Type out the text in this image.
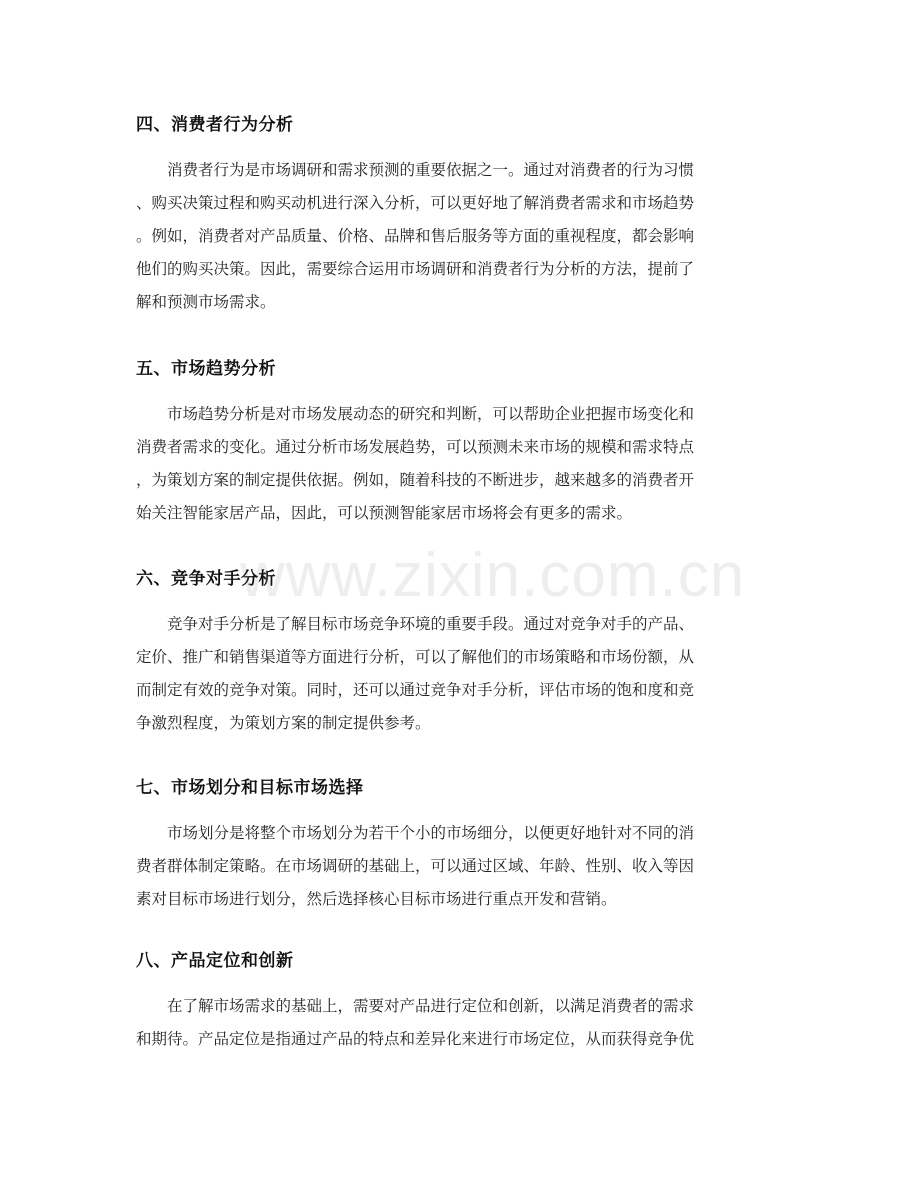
四、消费者行为分析
　　消费者行为是市场调研和需求预测的重要依据之一。通过对消费者的行为习惯
、购买决策过程和购买动机进行深入分析，可以更好地了解消费者需求和市场趋势
。例如，消费者对产品质量、价格、品牌和售后服务等方面的重视程度，都会影响
他们的购买决策。因此，需要综合运用市场调研和消费者行为分析的方法，提前了
解和预测市场需求。
五、市场趋势分析
　　市场趋势分析是对市场发展动态的研究和判断，可以帮助企业把握市场变化和
消费者需求的变化。通过分析市场发展趋势，可以预测未来市场的规模和需求特点
，为策划方案的制定提供依据。例如，随着科技的不断进步，越来越多的消费者开
始关注智能家居产品，因此，可以预测智能家居市场将会有更多的需求。
六、竞争对手分析
　　竞争对手分析是了解目标市场竞争环境的重要手段。通过对竞争对手的产品、
定价、推广和销售渠道等方面进行分析，可以了解他们的市场策略和市场份额，从
而制定有效的竞争对策。同时，还可以通过竞争对手分析，评估市场的饱和度和竞
争激烈程度，为策划方案的制定提供参考。
七、市场划分和目标市场选择
　　市场划分是将整个市场划分为若干个小的市场细分，以便更好地针对不同的消
费者群体制定策略。在市场调研的基础上，可以通过区域、年龄、性别、收入等因
素对目标市场进行划分，然后选择核心目标市场进行重点开发和营销。
八、产品定位和创新
　　在了解市场需求的基础上，需要对产品进行定位和创新，以满足消费者的需求
和期待。产品定位是指通过产品的特点和差异化来进行市场定位，从而获得竞争优
www.zixin.com.cn
